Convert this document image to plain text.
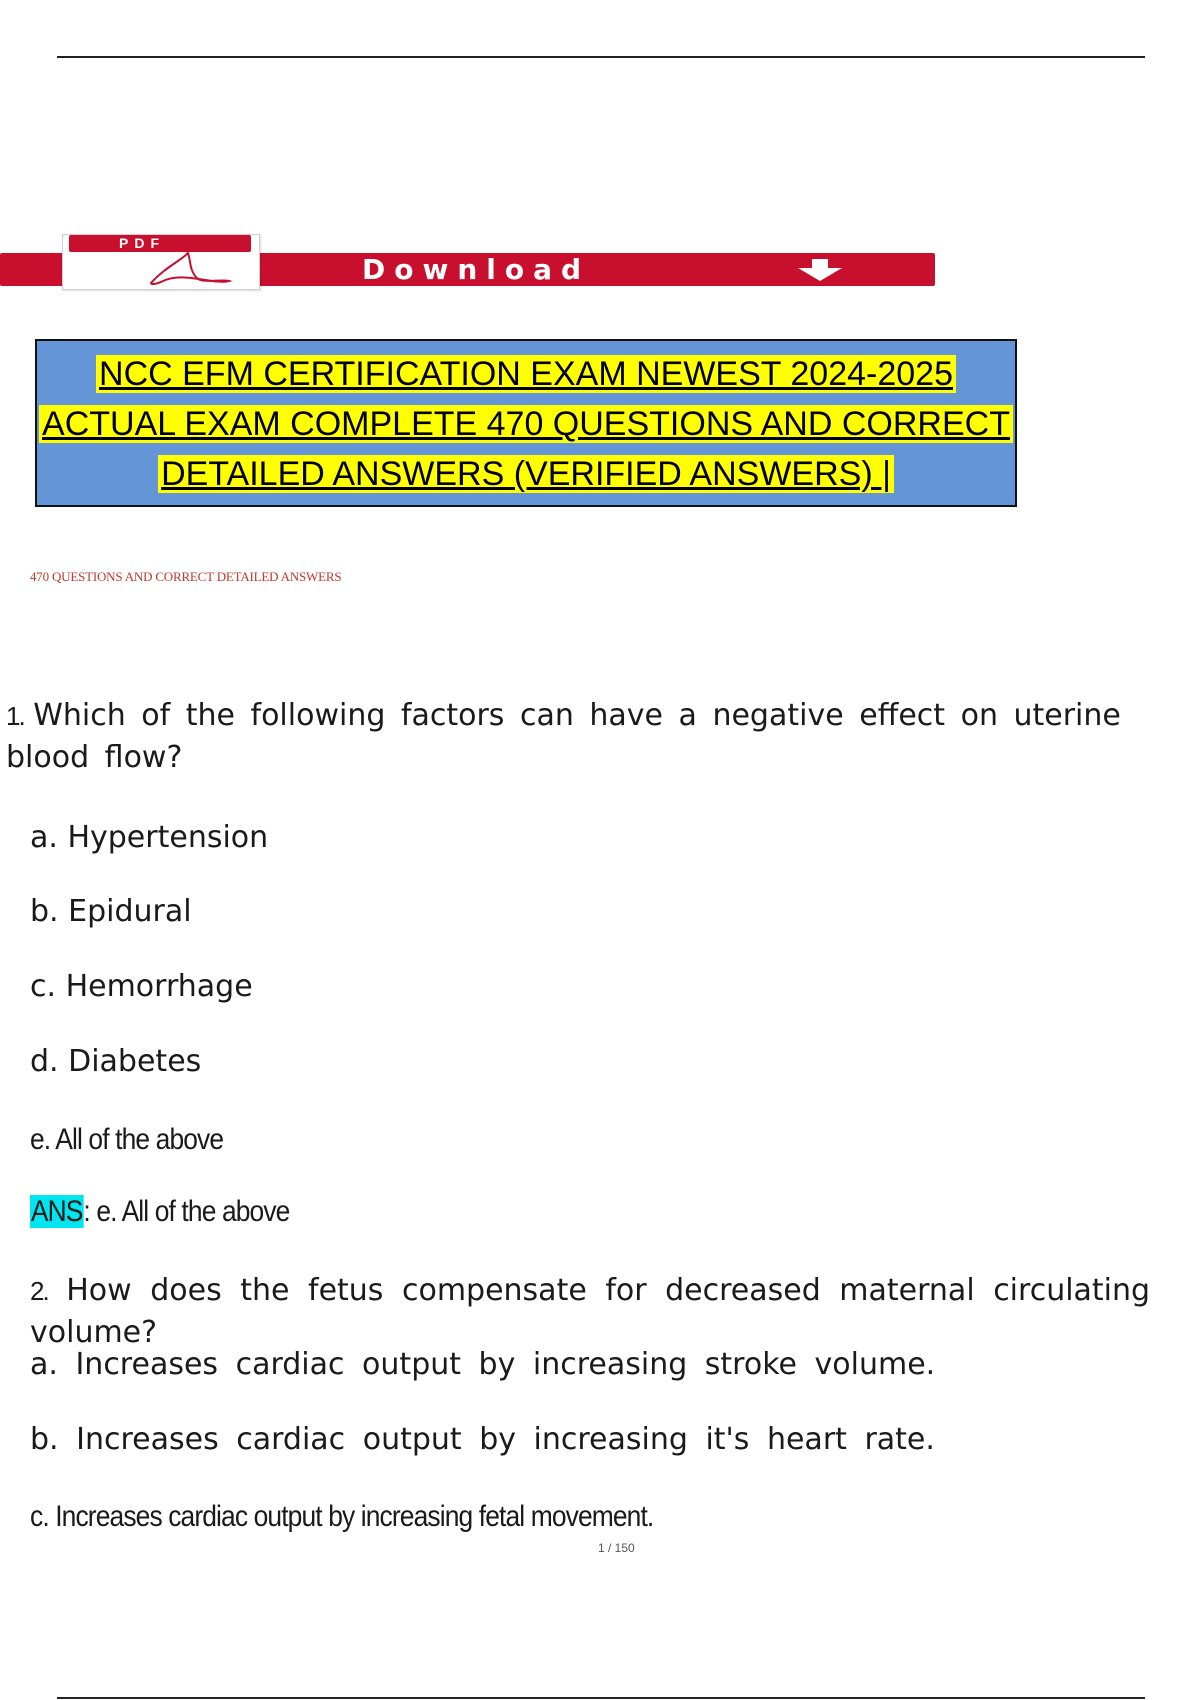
PDF
Download
NCC EFM CERTIFICATION EXAM NEWEST 2024-2025
ACTUAL EXAM COMPLETE 470 QUESTIONS AND CORRECT
DETAILED ANSWERS (VERIFIED ANSWERS) |
470 QUESTIONS AND CORRECT DETAILED ANSWERS
1. Which of the following factors can have a negative effect on uterine blood flow?
a. Hypertension
b. Epidural
c. Hemorrhage
d. Diabetes
e. All of the above
ANS: e. All of the above
2. How does the fetus compensate for decreased maternal circulating volume?
a. Increases cardiac output by increasing stroke volume.
b. Increases cardiac output by increasing it's heart rate.
c. Increases cardiac output by increasing fetal movement.
1 / 150
